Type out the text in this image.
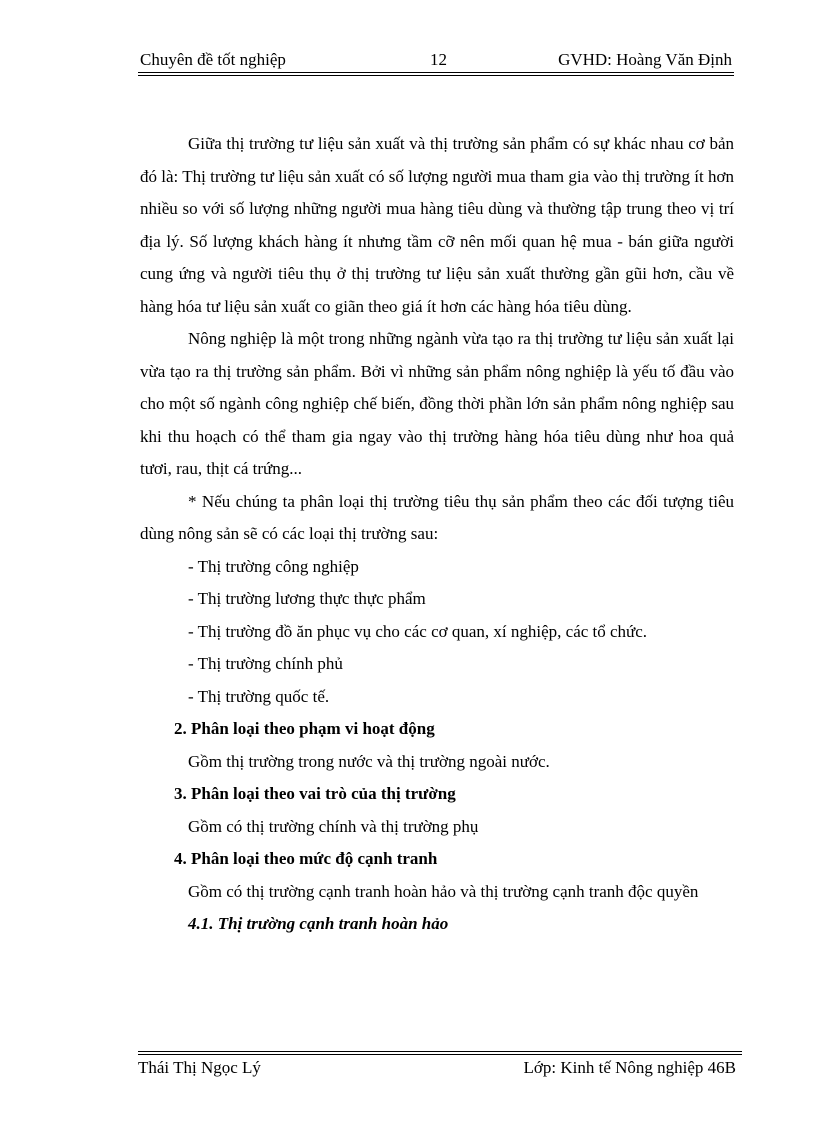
Chuyên đề tốt nghiệp	12	GVHD: Hoàng Văn Định

Giữa thị trường tư liệu sản xuất và thị trường sản phẩm có sự khác nhau cơ bản đó là: Thị trường tư liệu sản xuất có số lượng người mua tham gia vào thị trường ít hơn nhiều so với số lượng những người mua hàng tiêu dùng và thường tập trung theo vị trí địa lý. Số lượng khách hàng ít nhưng tầm cỡ nên mối quan hệ mua - bán giữa người cung ứng và người tiêu thụ ở thị trường tư liệu sản xuất thường gần gũi hơn, cầu về hàng hóa tư liệu sản xuất co giãn theo giá ít hơn các hàng hóa tiêu dùng.

Nông nghiệp là một trong những ngành vừa tạo ra thị trường tư liệu sản xuất lại vừa tạo ra thị trường sản phẩm. Bởi vì những sản phẩm nông nghiệp là yếu tố đầu vào cho một số ngành công nghiệp chế biến, đồng thời phần lớn sản phẩm nông nghiệp sau khi thu hoạch có thể tham gia ngay vào thị trường hàng hóa tiêu dùng như hoa quả tươi, rau, thịt cá trứng...

* Nếu chúng ta phân loại thị trường tiêu thụ sản phẩm theo các đối tượng tiêu dùng nông sản sẽ có các loại thị trường sau:

- Thị trường công nghiệp

- Thị trường lương thực thực phẩm

- Thị trường đồ ăn phục vụ cho các cơ quan, xí nghiệp, các tổ chức.

- Thị trường chính phủ

- Thị trường quốc tế.

2. Phân loại theo phạm vi hoạt động

Gồm thị trường trong nước và thị trường ngoài nước.

3. Phân loại theo vai trò của thị trường

Gồm có thị trường chính và thị trường phụ

4. Phân loại theo mức độ cạnh tranh

Gồm có thị trường cạnh tranh hoàn hảo và thị trường cạnh tranh độc quyền

4.1. Thị trường cạnh tranh hoàn hảo

Thái Thị Ngọc Lý	Lớp: Kinh tế Nông nghiệp 46B
